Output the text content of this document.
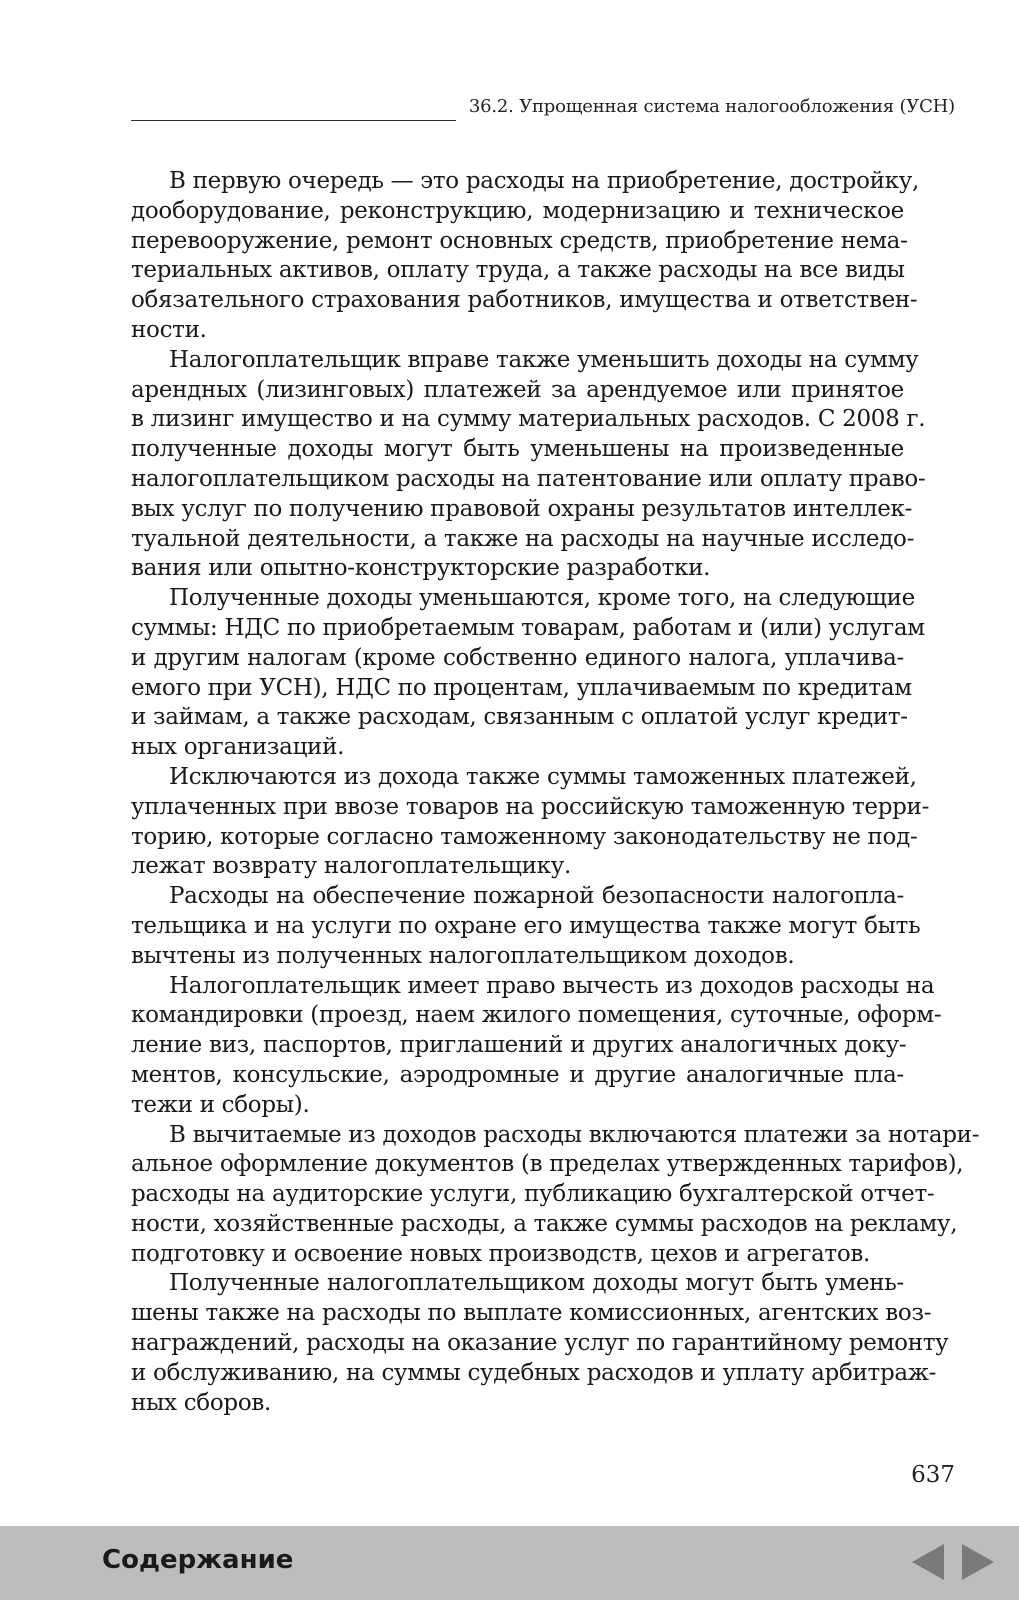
36.2. Упрощенная система налогообложения (УСН)
В первую очередь — это расходы на приобретение, достройку,
дооборудование, реконструкцию, модернизацию и техническое
перевооружение, ремонт основных средств, приобретение нема-
териальных активов, оплату труда, а также расходы на все виды
обязательного страхования работников, имущества и ответствен-
ности.
Налогоплательщик вправе также уменьшить доходы на сумму
арендных (лизинговых) платежей за арендуемое или принятое
в лизинг имущество и на сумму материальных расходов. С 2008 г.
полученные доходы могут быть уменьшены на произведенные
налогоплательщиком расходы на патентование или оплату право-
вых услуг по получению правовой охраны результатов интеллек-
туальной деятельности, а также на расходы на научные исследо-
вания или опытно-конструкторские разработки.
Полученные доходы уменьшаются, кроме того, на следующие
суммы: НДС по приобретаемым товарам, работам и (или) услугам
и другим налогам (кроме собственно единого налога, уплачива-
емого при УСН), НДС по процентам, уплачиваемым по кредитам
и займам, а также расходам, связанным с оплатой услуг кредит-
ных организаций.
Исключаются из дохода также суммы таможенных платежей,
уплаченных при ввозе товаров на российскую таможенную терри-
торию, которые согласно таможенному законодательству не под-
лежат возврату налогоплательщику.
Расходы на обеспечение пожарной безопасности налогопла-
тельщика и на услуги по охране его имущества также могут быть
вычтены из полученных налогоплательщиком доходов.
Налогоплательщик имеет право вычесть из доходов расходы на
командировки (проезд, наем жилого помещения, суточные, оформ-
ление виз, паспортов, приглашений и других аналогичных доку-
ментов, консульские, аэродромные и другие аналогичные пла-
тежи и сборы).
В вычитаемые из доходов расходы включаются платежи за нотари-
альное оформление документов (в пределах утвержденных тарифов),
расходы на аудиторские услуги, публикацию бухгалтерской отчет-
ности, хозяйственные расходы, а также суммы расходов на рекламу,
подготовку и освоение новых производств, цехов и агрегатов.
Полученные налогоплательщиком доходы могут быть умень-
шены также на расходы по выплате комиссионных, агентских воз-
награждений, расходы на оказание услуг по гарантийному ремонту
и обслуживанию, на суммы судебных расходов и уплату арбитраж-
ных сборов.
637
Содержание
